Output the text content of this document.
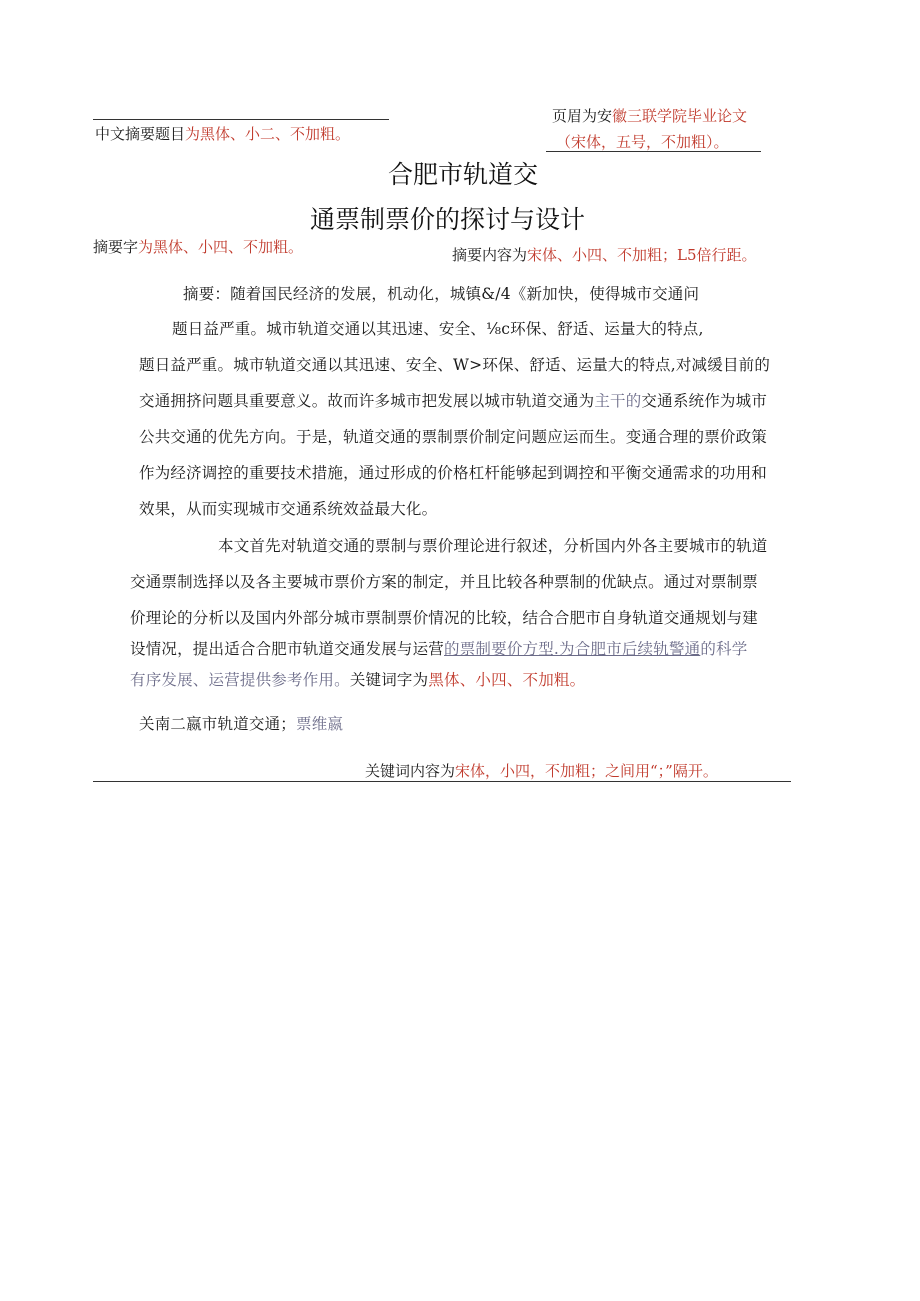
中文摘要题目为黑体、小二、不加粗。
页眉为安徽三联学院毕业论文
（宋体，五号，不加粗）。
合肥市轨道交
通票制票价的探讨与设计
摘要字为黑体、小四、不加粗。	摘要内容为宋体、小四、不加粗；L5倍行距。
摘要：随着国民经济的发展，机动化，城镇&/4《新加快，使得城市交通问
题日益严重。城市轨道交通以其迅速、安全、⅛c环保、舒适、运量大的特点,
题日益严重。城市轨道交通以其迅速、安全、W>环保、舒适、运量大的特点,对减缓目前的
交通拥挤问题具重要意义。故而许多城市把发展以城市轨道交通为主干的交通系统作为城市
公共交通的优先方向。于是，轨道交通的票制票价制定问题应运而生。变通合理的票价政策
作为经济调控的重要技术措施，通过形成的价格杠杆能够起到调控和平衡交通需求的功用和
效果，从而实现城市交通系统效益最大化。
本文首先对轨道交通的票制与票价理论进行叙述，分析国内外各主要城市的轨道
交通票制选择以及各主要城市票价方案的制定，并且比较各种票制的优缺点。通过对票制票
价理论的分析以及国内外部分城市票制票价情况的比较，结合合肥市自身轨道交通规划与建
设情况，提出适合合肥市轨道交通发展与运营的票制要价方型.为合肥市后续轨警通的科学
有序发展、运营提供参考作用。关键词字为黑体、小四、不加粗。
关南二嬴市轨道交通；票维嬴
关键词内容为宋体，小四，不加粗；之间用“；”隔开。
